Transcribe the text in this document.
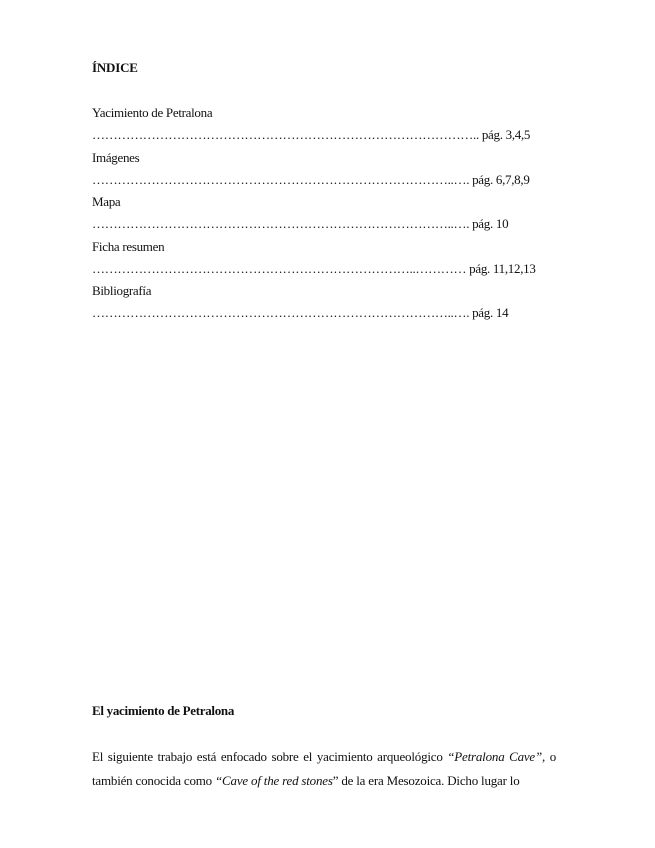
ÍNDICE
Yacimiento de Petralona
……………………………………………………………………………….. pág. 3,4,5
Imágenes
…………………………………………………………………………..…. pág. 6,7,8,9
Mapa
…………………………………………………………………………..…. pág. 10
Ficha resumen
…………………………………………………………………..………… pág. 11,12,13
Bibliografía
…………………………………………………………………………..…. pág. 14
El yacimiento de Petralona

El siguiente trabajo está enfocado sobre el yacimiento arqueológico “Petralona Cave”, o también conocida como “Cave of the red stones” de la era Mesozoica. Dicho lugar lo
